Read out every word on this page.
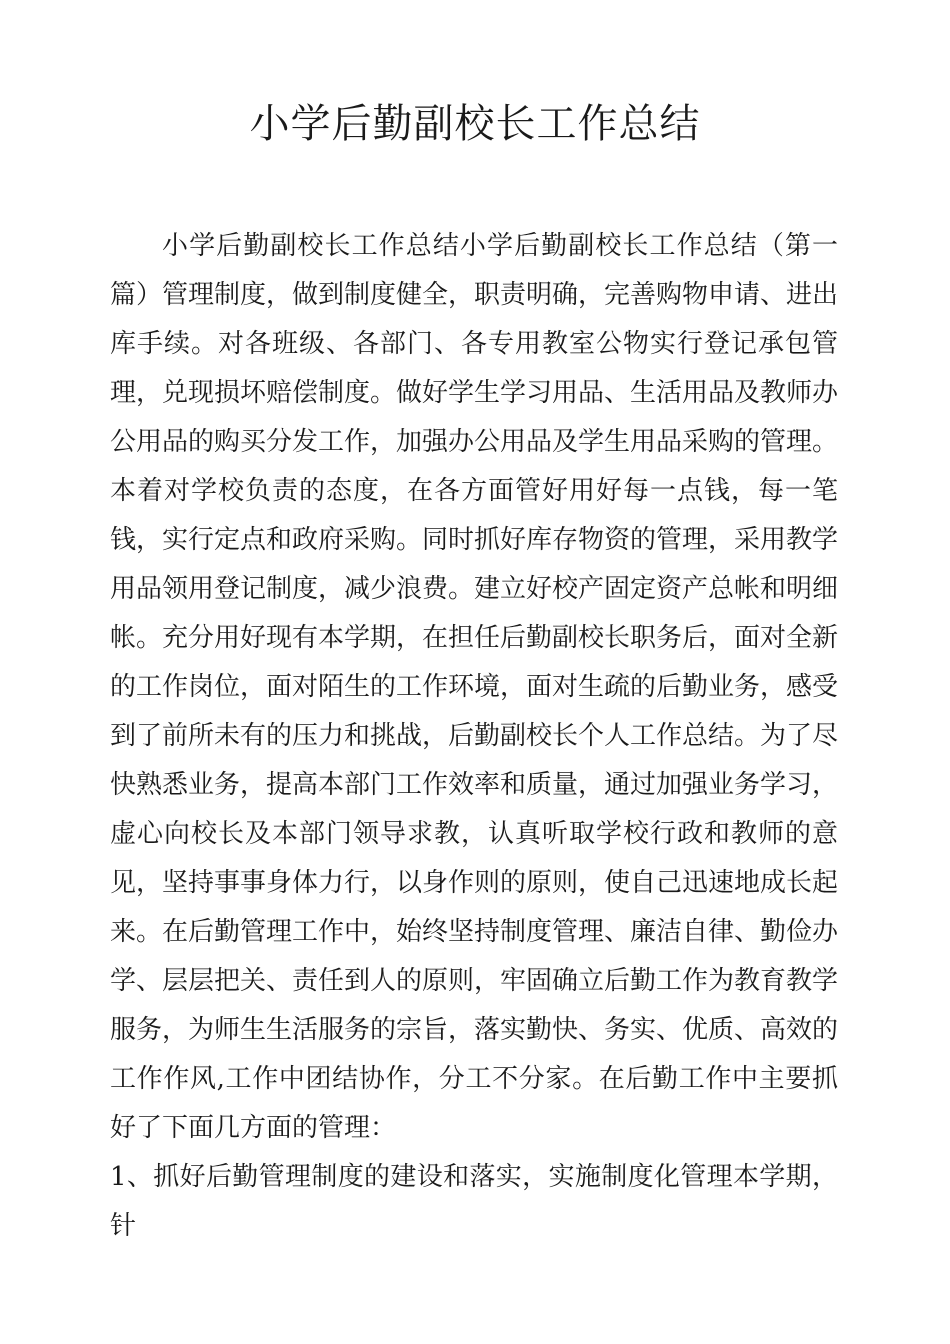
小学后勤副校长工作总结

小学后勤副校长工作总结小学后勤副校长工作总结（第一篇）管理制度，做到制度健全，职责明确，完善购物申请、进出库手续。对各班级、各部门、各专用教室公物实行登记承包管理，兑现损坏赔偿制度。做好学生学习用品、生活用品及教师办公用品的购买分发工作，加强办公用品及学生用品采购的管理。本着对学校负责的态度，在各方面管好用好每一点钱，每一笔钱，实行定点和政府采购。同时抓好库存物资的管理，采用教学用品领用登记制度，减少浪费。建立好校产固定资产总帐和明细帐。充分用好现有本学期，在担任后勤副校长职务后，面对全新的工作岗位，面对陌生的工作环境，面对生疏的后勤业务，感受到了前所未有的压力和挑战，后勤副校长个人工作总结。为了尽快熟悉业务，提高本部门工作效率和质量，通过加强业务学习，虚心向校长及本部门领导求教，认真听取学校行政和教师的意见，坚持事事身体力行，以身作则的原则，使自己迅速地成长起来。在后勤管理工作中，始终坚持制度管理、廉洁自律、勤俭办学、层层把关、责任到人的原则，牢固确立后勤工作为教育教学服务，为师生生活服务的宗旨，落实勤快、务实、优质、高效的工作作风,工作中团结协作，分工不分家。在后勤工作中主要抓好了下面几方面的管理：

1、抓好后勤管理制度的建设和落实，实施制度化管理本学期，针
